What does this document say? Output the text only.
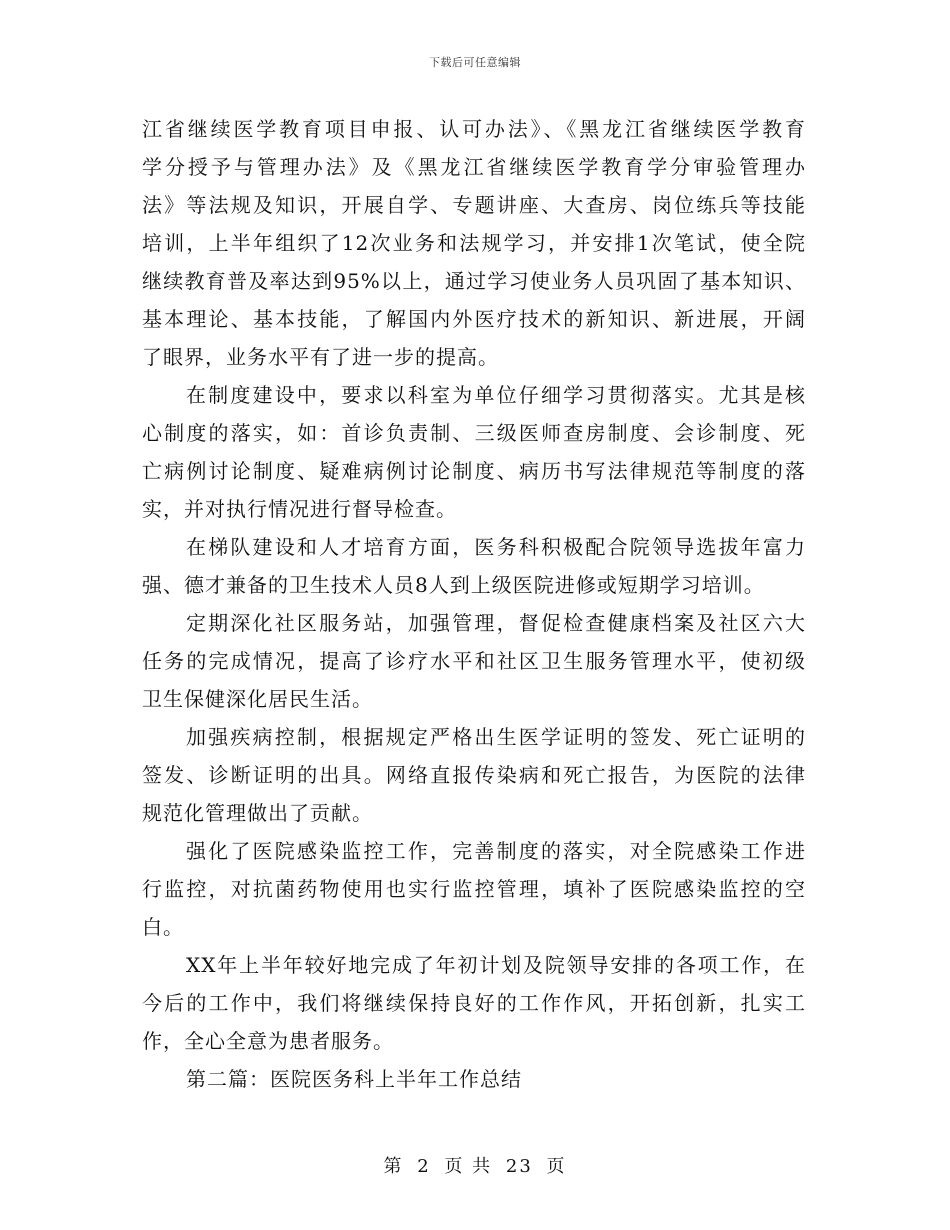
下载后可任意编辑
江省继续医学教育项目申报、认可办法》、《黑龙江省继续医学教育
学分授予与管理办法》及《黑龙江省继续医学教育学分审验管理办
法》等法规及知识，开展自学、专题讲座、大查房、岗位练兵等技能
培训，上半年组织了12次业务和法规学习，并安排1次笔试，使全院
继续教育普及率达到95%以上，通过学习使业务人员巩固了基本知识、
基本理论、基本技能，了解国内外医疗技术的新知识、新进展，开阔
了眼界，业务水平有了进一步的提高。
在制度建设中，要求以科室为单位仔细学习贯彻落实。尤其是核
心制度的落实，如：首诊负责制、三级医师查房制度、会诊制度、死
亡病例讨论制度、疑难病例讨论制度、病历书写法律规范等制度的落
实，并对执行情况进行督导检查。
在梯队建设和人才培育方面，医务科积极配合院领导选拔年富力
强、德才兼备的卫生技术人员8人到上级医院进修或短期学习培训。
定期深化社区服务站，加强管理，督促检查健康档案及社区六大
任务的完成情况，提高了诊疗水平和社区卫生服务管理水平，使初级
卫生保健深化居民生活。
加强疾病控制，根据规定严格出生医学证明的签发、死亡证明的
签发、诊断证明的出具。网络直报传染病和死亡报告，为医院的法律
规范化管理做出了贡献。
强化了医院感染监控工作，完善制度的落实，对全院感染工作进
行监控，对抗菌药物使用也实行监控管理，填补了医院感染监控的空
白。
XX年上半年较好地完成了年初计划及院领导安排的各项工作，在
今后的工作中，我们将继续保持良好的工作作风，开拓创新，扎实工
作，全心全意为患者服务。
第二篇：医院医务科上半年工作总结
第 2 页 共 23 页
